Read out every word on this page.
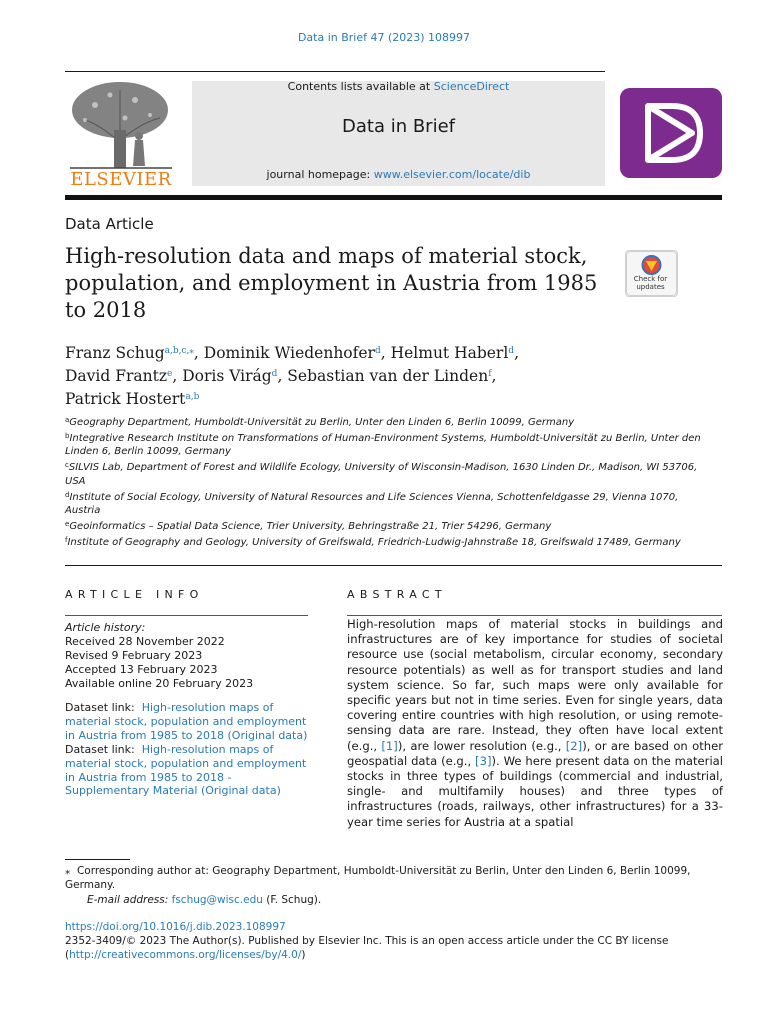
Data in Brief 47 (2023) 108997
ELSEVIER
Contents lists available at ScienceDirect
Data in Brief
journal homepage: www.elsevier.com/locate/dib
Data Article
High-resolution data and maps of material stock, population, and employment in Austria from 1985 to 2018
Check for updates
Franz Schug$^{a,b,c,⁎}$, Dominik Wiedenhofer$^d$, Helmut Haberl$^d$,
David Frantz$^e$, Doris Virág$^d$, Sebastian van der Linden$^f$,
Patrick Hostert$^{a,b}$
$^a$Geography Department, Humboldt-Universität zu Berlin, Unter den Linden 6, Berlin 10099, Germany
$^b$Integrative Research Institute on Transformations of Human-Environment Systems, Humboldt-Universität zu Berlin, Unter den Linden 6, Berlin 10099, Germany
$^c$SILVIS Lab, Department of Forest and Wildlife Ecology, University of Wisconsin-Madison, 1630 Linden Dr., Madison, WI 53706, USA
$^d$Institute of Social Ecology, University of Natural Resources and Life Sciences Vienna, Schottenfeldgasse 29, Vienna 1070, Austria
$^e$Geoinformatics – Spatial Data Science, Trier University, Behringstraße 21, Trier 54296, Germany
$^f$Institute of Geography and Geology, University of Greifswald, Friedrich-Ludwig-Jahnstraße 18, Greifswald 17489, Germany
ARTICLE INFO
Article history:
Received 28 November 2022
Revised 9 February 2023
Accepted 13 February 2023
Available online 20 February 2023
Dataset link: High-resolution maps of material stock, population and employment in Austria from 1985 to 2018 (Original data)
Dataset link: High-resolution maps of material stock, population and employment in Austria from 1985 to 2018 - Supplementary Material (Original data)
ABSTRACT
High-resolution maps of material stocks in buildings and infrastructures are of key importance for studies of societal resource use (social metabolism, circular economy, secondary resource potentials) as well as for transport studies and land system science. So far, such maps were only available for specific years but not in time series. Even for single years, data covering entire countries with high resolution, or using remote-sensing data are rare. Instead, they often have local extent (e.g., [1]), are lower resolution (e.g., [2]), or are based on other geospatial data (e.g., [3]). We here present data on the material stocks in three types of buildings (commercial and industrial, single- and multifamily houses) and three types of infrastructures (roads, railways, other infrastructures) for a 33-year time series for Austria at a spatial
⁎ Corresponding author at: Geography Department, Humboldt-Universität zu Berlin, Unter den Linden 6, Berlin 10099, Germany.
E-mail address: fschug@wisc.edu (F. Schug).
https://doi.org/10.1016/j.dib.2023.108997
2352-3409/© 2023 The Author(s). Published by Elsevier Inc. This is an open access article under the CC BY license
(http://creativecommons.org/licenses/by/4.0/)
